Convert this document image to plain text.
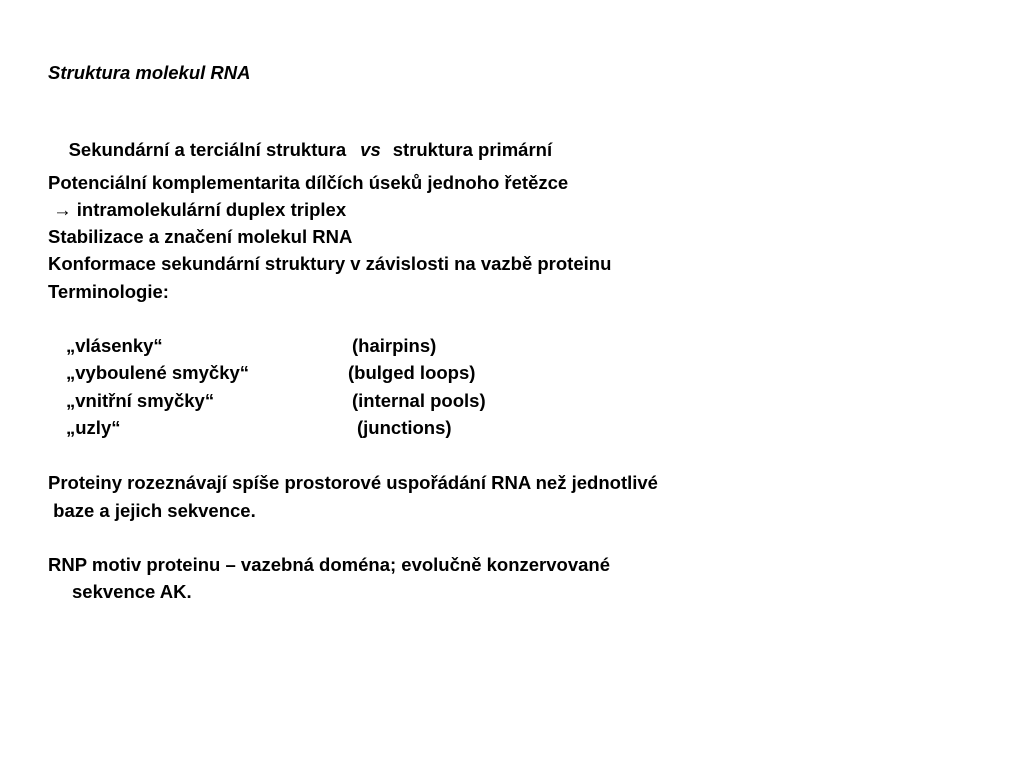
Struktura molekul RNA

Sekundární a terciální struktura vs struktura primární

Potenciální komplementarita dílčích úseků jednoho řetězce
→ intramolekulární duplex triplex
Stabilizace a značení molekul RNA
Konformace sekundární struktury v závislosti na vazbě proteinu
Terminologie:
„vlásenky“	(hairpins)
„vyboulené smyčky“	(bulged loops)
„vnitřní smyčky“	(internal pools)
„uzly“	(junctions)
Proteiny rozeznávají spíše prostorové uspořádání RNA než jednotlivé
baze a jejich sekvence.
RNP motiv proteinu – vazebná doména; evolučně konzervované
sekvence AK.
